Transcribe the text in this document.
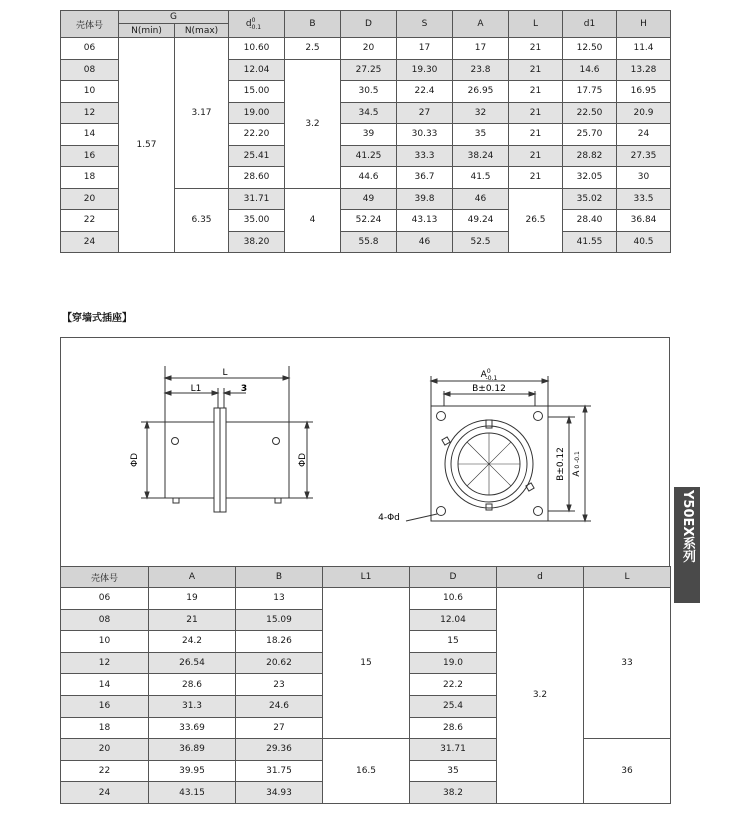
壳体号	G		$d^0_{-0.1}$	B	D	S	A	L	d1	H
	N(min)	N(max)								
06	1.57	3.17	10.60	2.5	20	17	17	21	12.50	11.4
08			12.04	3.2	27.25	19.30	23.8	21	14.6	13.28
10			15.00		30.5	22.4	26.95	21	17.75	16.95
12			19.00		34.5	27	32	21	22.50	20.9
14			22.20		39	30.33	35	21	25.70	24
16			25.41		41.25	33.3	38.24	21	28.82	27.35
18			28.60		44.6	36.7	41.5	21	32.05	30
20		6.35	31.71	4	49	39.8	46	26.5	35.02	33.5
22			35.00		52.24	43.13	49.24		28.40	36.84
24			38.20		55.8	46	52.5		41.55	40.5
【穿墙式插座】
L
L1	3
ΦD	ΦD
$A^0$ -0.1
B±0.12
B±0.12 A0 -0.1
4-Φd	Y50EX系列
壳体号	A	B	L1	D	d	L
06	19	13	15	10.6	3.2	33
08	21	15.09		12.04		
10	24.2	18.26		15		
12	26.54	20.62		19.0		
14	28.6	23		22.2		
16	31.3	24.6		25.4		
18	33.69	27		28.6		
20	36.89	29.36	16.5	31.71		36
22	39.95	31.75		35		
24	43.15	34.93		38.2		
